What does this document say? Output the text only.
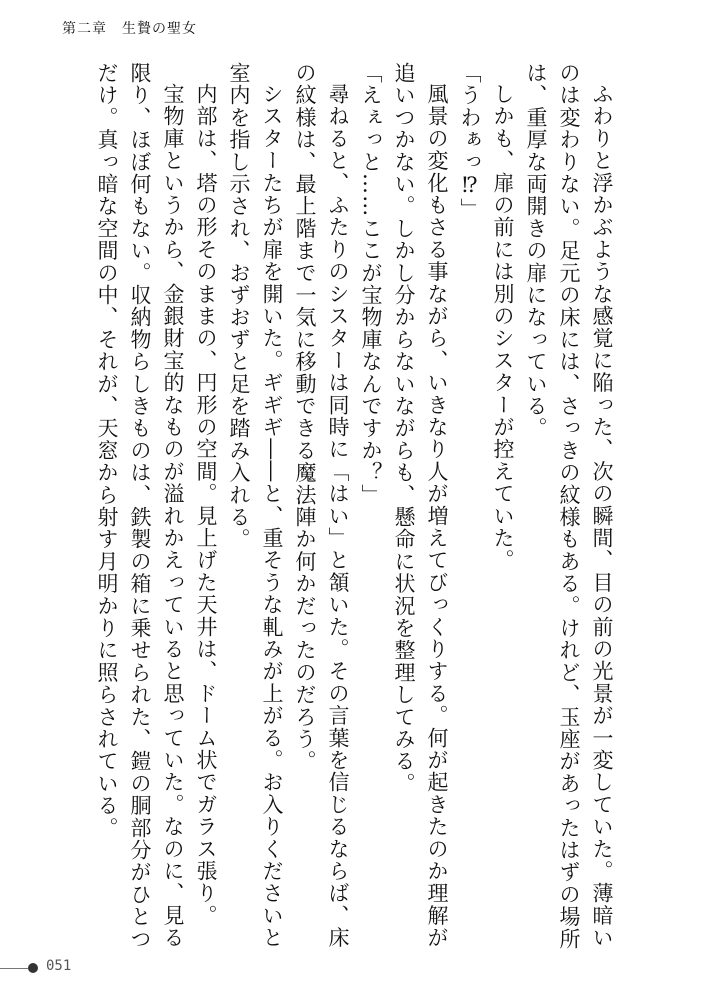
第二章　生贄の聖女

ふわりと浮かぶような感覚に陥った、次の瞬間、目の前の光景が一変していた。薄暗いのは変わりない。足元の床には、さっきの紋様もある。けれど、玉座があったはずの場所は、重厚な両開きの扉になっている。

しかも、扉の前には別のシスターが控えていた。

「うわぁっ⁉」

風景の変化もさる事ながら、いきなり人が増えてびっくりする。何が起きたのか理解が追いつかない。しかし分からないながらも、懸命に状況を整理してみる。

「えぇっと……ここが宝物庫なんですか？」

尋ねると、ふたりのシスターは同時に「はい」と頷いた。その言葉を信じるならば、床の紋様は、最上階まで一気に移動できる魔法陣か何かだったのだろう。

シスターたちが扉を開いた。ギギギ――と、重そうな軋みが上がる。お入りくださいと室内を指し示され、おずおずと足を踏み入れる。

内部は、塔の形そのままの、円形の空間。見上げた天井は、ドーム状でガラス張り。

宝物庫というから、金銀財宝的なものが溢れかえっていると思っていた。なのに、見る限り、ほぼ何もない。収納物らしきものは、鉄製の箱に乗せられた、鎧の胴部分がひとつだけ。真っ暗な空間の中、それが、天窓から射す月明かりに照らされている。

051
